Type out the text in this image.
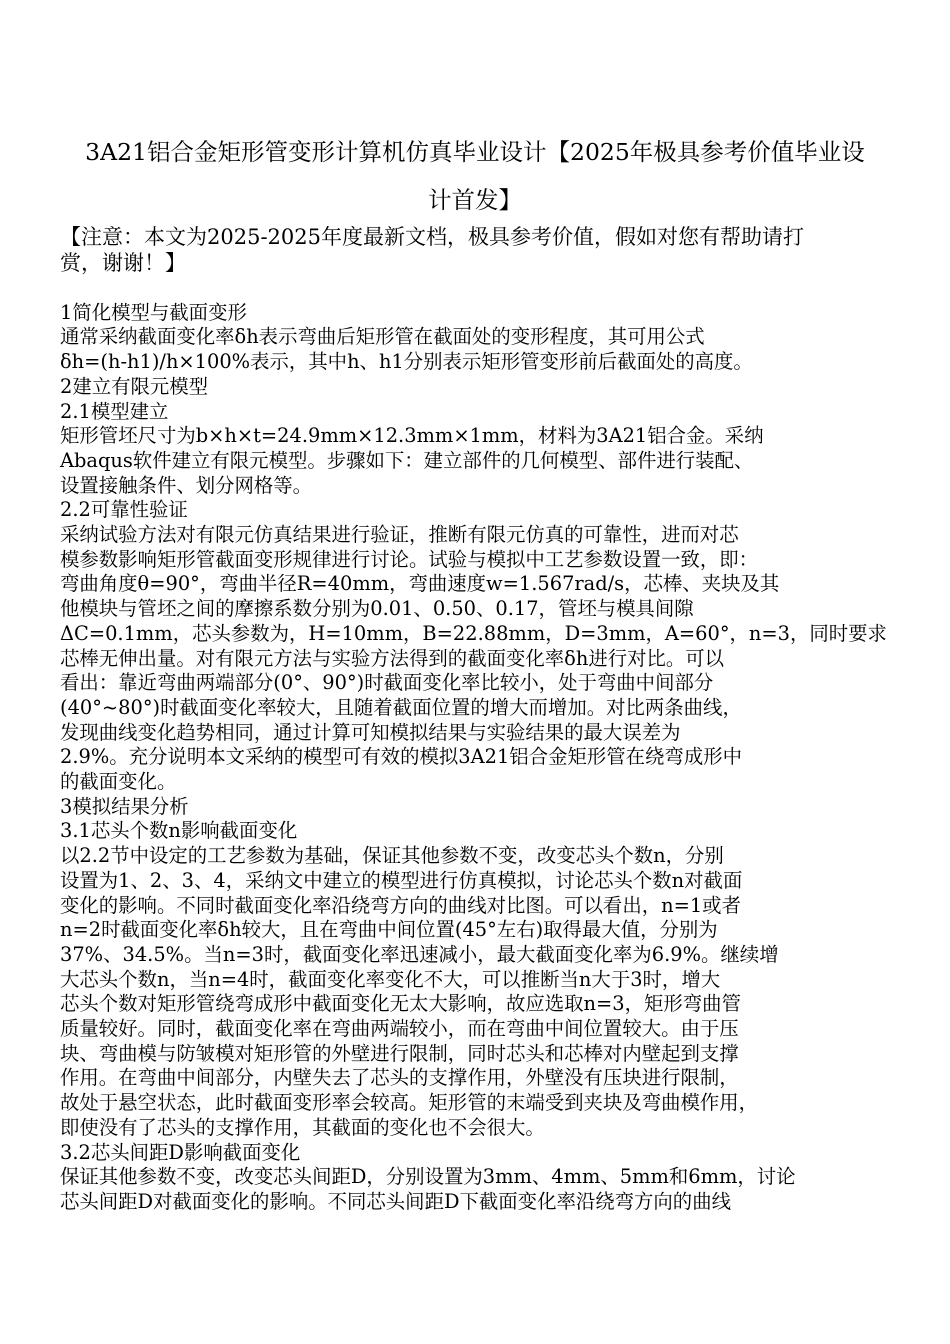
3A21铝合金矩形管变形计算机仿真毕业设计【2025年极具参考价值毕业设
计首发】
【注意：本文为2025-2025年度最新文档，极具参考价值，假如对您有帮助请打
赏，谢谢！】
1简化模型与截面变形
通常采纳截面变化率δh表示弯曲后矩形管在截面处的变形程度，其可用公式
δh=(h-h1)/h×100%表示，其中h、h1分别表示矩形管变形前后截面处的高度。
2建立有限元模型
2.1模型建立
矩形管坯尺寸为b×h×t=24.9mm×12.3mm×1mm，材料为3A21铝合金。采纳
Abaqus软件建立有限元模型。步骤如下：建立部件的几何模型、部件进行装配、
设置接触条件、划分网格等。
2.2可靠性验证
采纳试验方法对有限元仿真结果进行验证，推断有限元仿真的可靠性，进而对芯
模参数影响矩形管截面变形规律进行讨论。试验与模拟中工艺参数设置一致，即：
弯曲角度θ=90°，弯曲半径R=40mm，弯曲速度w=1.567rad/s，芯棒、夹块及其
他模块与管坯之间的摩擦系数分别为0.01、0.50、0.17，管坯与模具间隙
ΔC=0.1mm，芯头参数为，H=10mm，B=22.88mm，D=3mm，A=60°，n=3，同时要求
芯棒无伸出量。对有限元方法与实验方法得到的截面变化率δh进行对比。可以
看出：靠近弯曲两端部分(0°、90°)时截面变化率比较小，处于弯曲中间部分
(40°~80°)时截面变化率较大，且随着截面位置的增大而增加。对比两条曲线，
发现曲线变化趋势相同，通过计算可知模拟结果与实验结果的最大误差为
2.9%。充分说明本文采纳的模型可有效的模拟3A21铝合金矩形管在绕弯成形中
的截面变化。
3模拟结果分析
3.1芯头个数n影响截面变化
以2.2节中设定的工艺参数为基础，保证其他参数不变，改变芯头个数n，分别
设置为1、2、3、4，采纳文中建立的模型进行仿真模拟，讨论芯头个数n对截面
变化的影响。不同时截面变化率沿绕弯方向的曲线对比图。可以看出，n=1或者
n=2时截面变化率δh较大，且在弯曲中间位置(45°左右)取得最大值，分别为
37%、34.5%。当n=3时，截面变化率迅速减小，最大截面变化率为6.9%。继续增
大芯头个数n，当n=4时，截面变化率变化不大，可以推断当n大于3时，增大
芯头个数对矩形管绕弯成形中截面变化无太大影响，故应选取n=3，矩形弯曲管
质量较好。同时，截面变化率在弯曲两端较小，而在弯曲中间位置较大。由于压
块、弯曲模与防皱模对矩形管的外壁进行限制，同时芯头和芯棒对内壁起到支撑
作用。在弯曲中间部分，内壁失去了芯头的支撑作用，外壁没有压块进行限制，
故处于悬空状态，此时截面变形率会较高。矩形管的末端受到夹块及弯曲模作用，
即使没有了芯头的支撑作用，其截面的变化也不会很大。
3.2芯头间距D影响截面变化
保证其他参数不变，改变芯头间距D，分别设置为3mm、4mm、5mm和6mm，讨论
芯头间距D对截面变化的影响。不同芯头间距D下截面变化率沿绕弯方向的曲线
